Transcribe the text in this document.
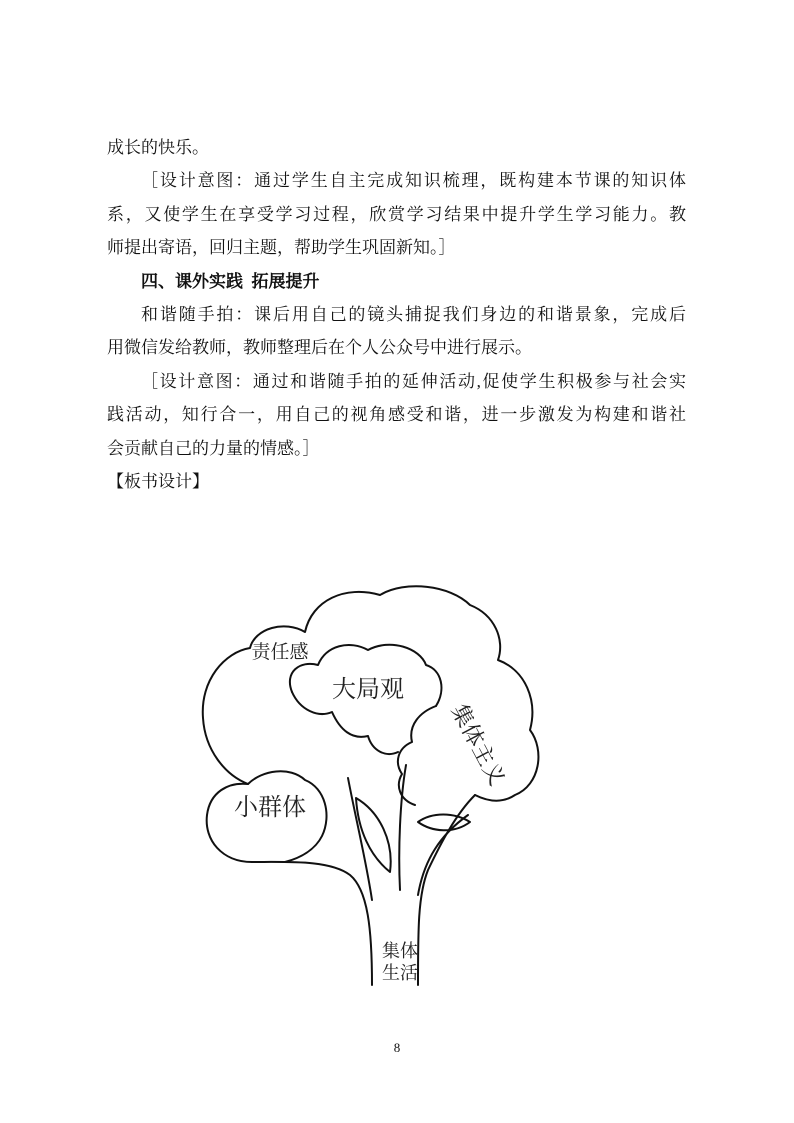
成长的快乐。
［设计意图：通过学生自主完成知识梳理，既构建本节课的知识体
系，又使学生在享受学习过程，欣赏学习结果中提升学生学习能力。教
师提出寄语，回归主题，帮助学生巩固新知。］
四、课外实践  拓展提升
和谐随手拍：课后用自己的镜头捕捉我们身边的和谐景象，完成后
用微信发给教师，教师整理后在个人公众号中进行展示。
［设计意图：通过和谐随手拍的延伸活动,促使学生积极参与社会实
践活动，知行合一，用自己的视角感受和谐，进一步激发为构建和谐社
会贡献自己的力量的情感。］
【板书设计】
责任感
大局观
集体主义
小群体
集体
生活
8
